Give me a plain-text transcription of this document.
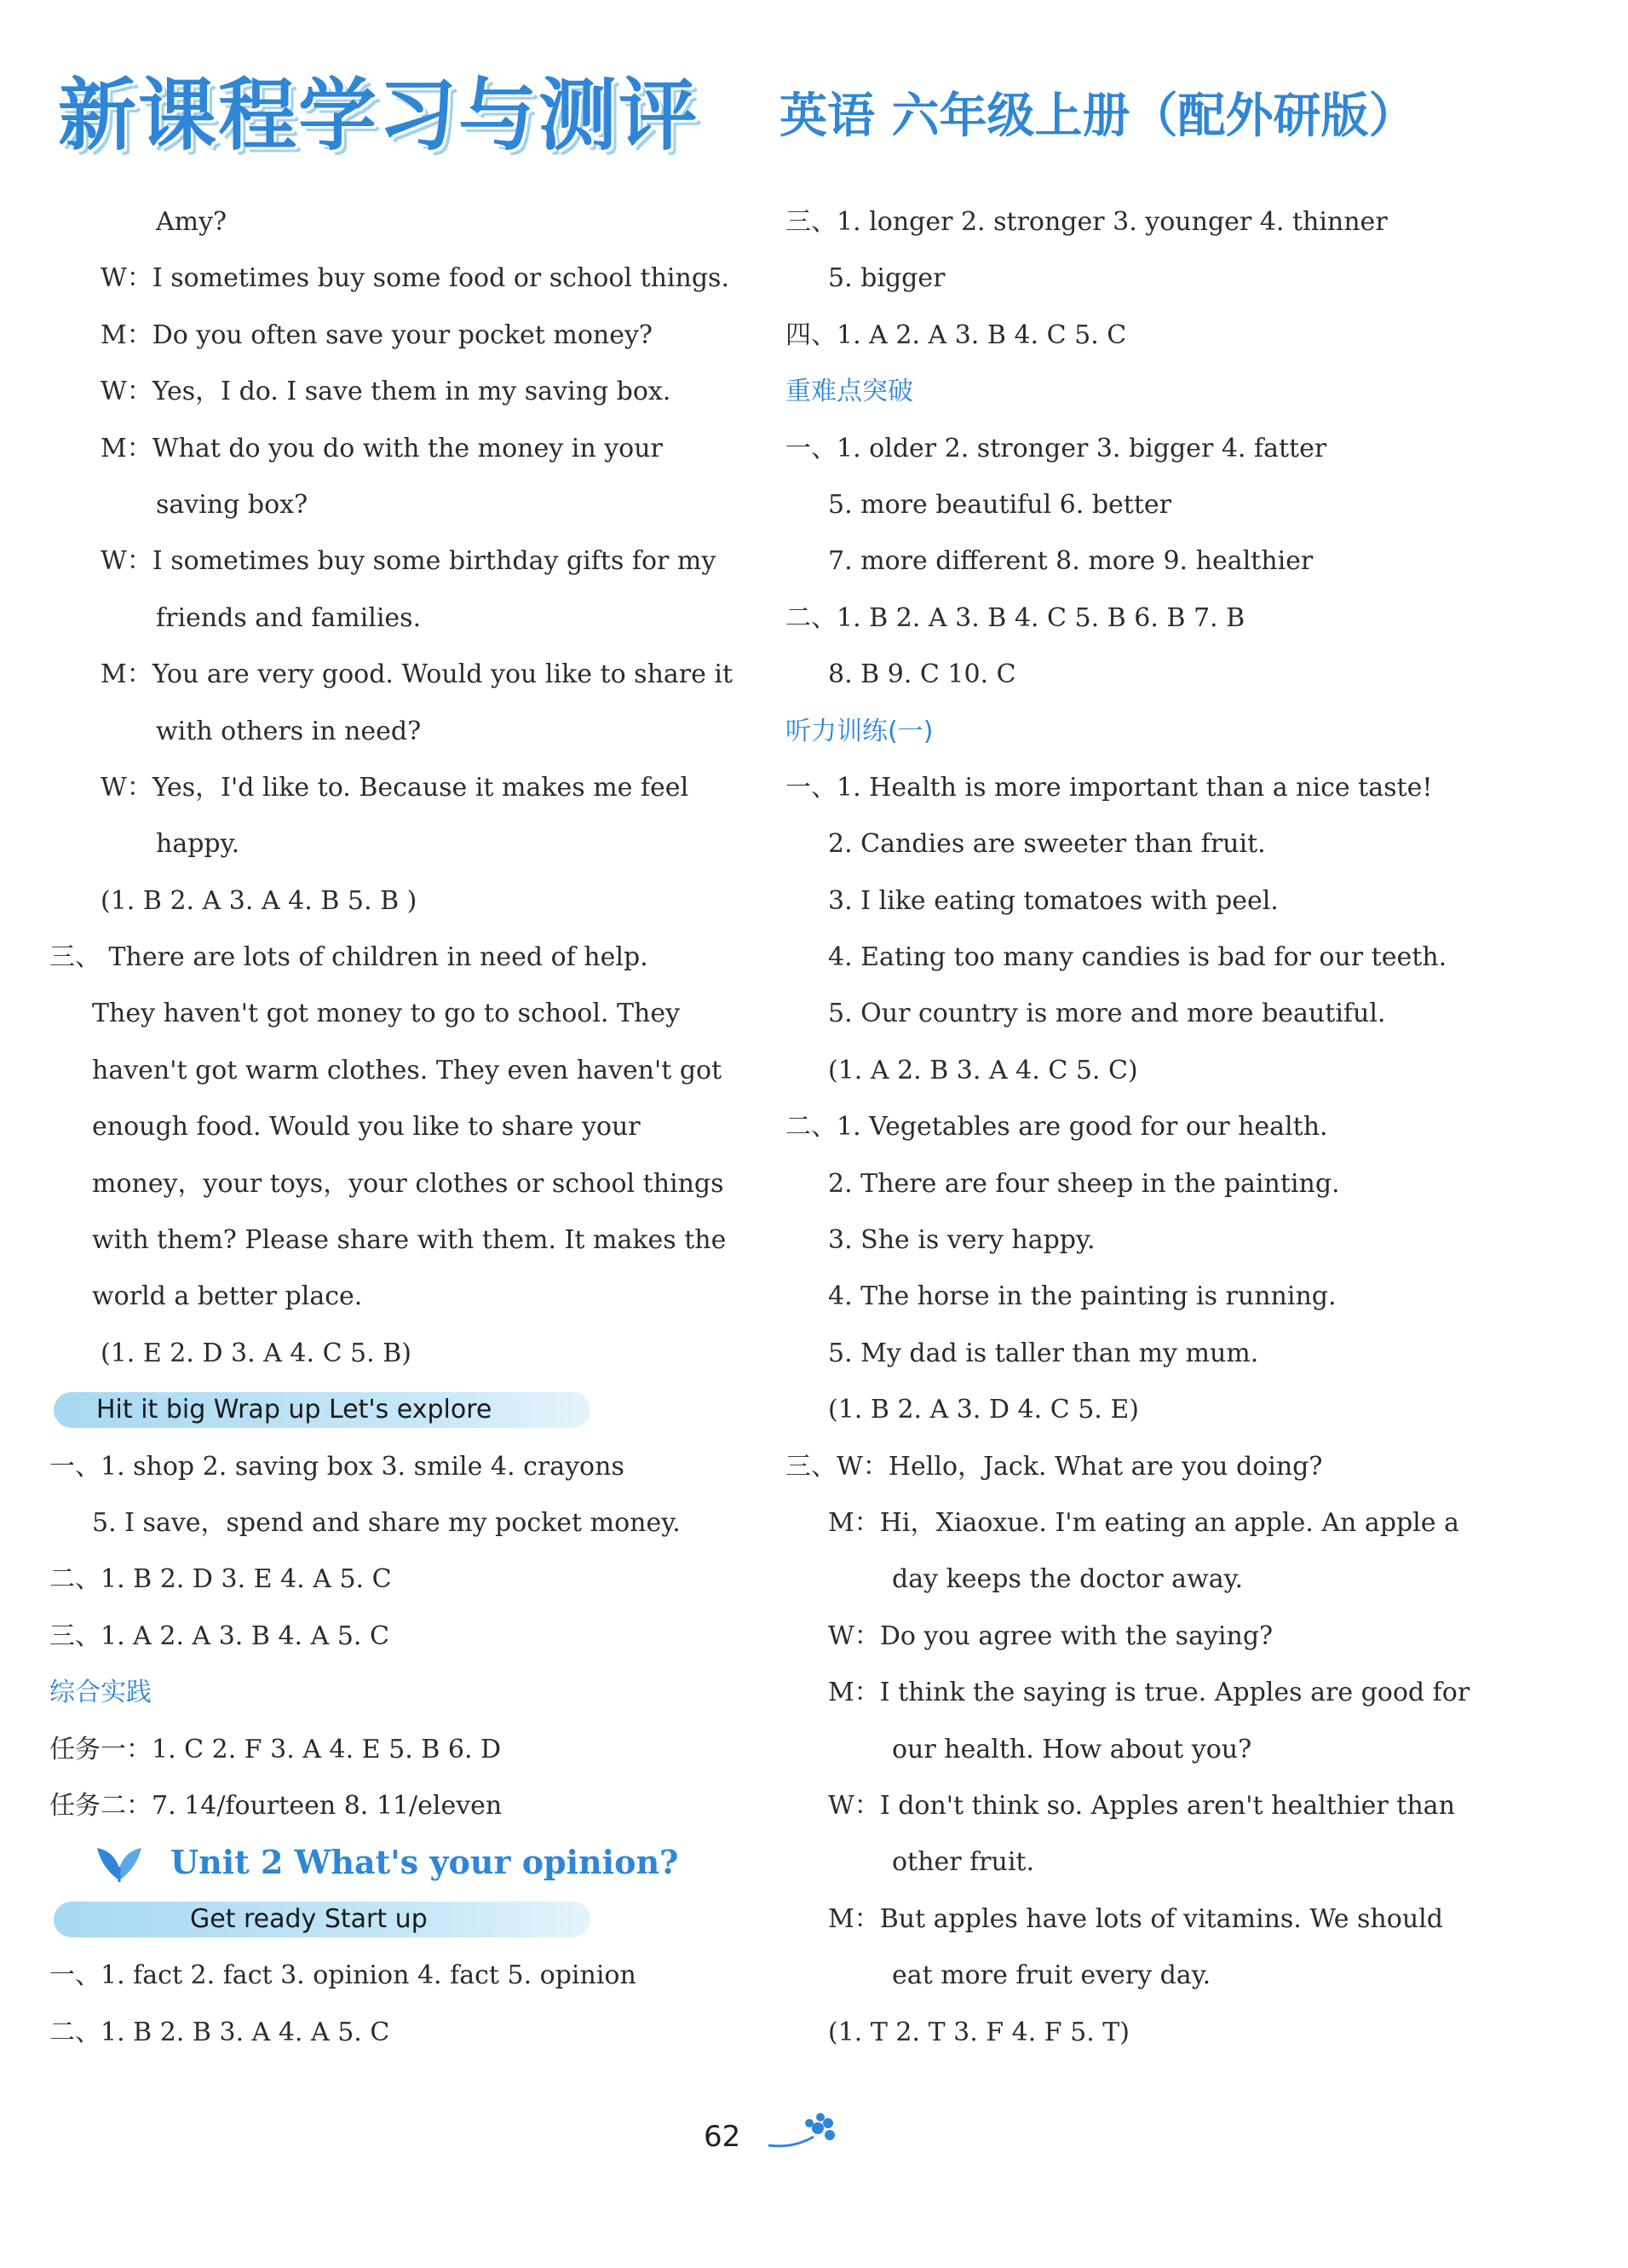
新课程学习与测评 英语 六年级上册（配外研版）
Amy?
W：I sometimes buy some food or school things.
M：Do you often save your pocket money?
W：Yes，I do. I save them in my saving box.
M：What do you do with the money in your
saving box?
W：I sometimes buy some birthday gifts for my
friends and families.
M：You are very good. Would you like to share it
with others in need?
W：Yes，I'd like to. Because it makes me feel
happy.
(1. B 2. A 3. A 4. B 5. B )
三、 There are lots of children in need of help.
They haven't got money to go to school. They
haven't got warm clothes. They even haven't got
enough food. Would you like to share your
money，your toys，your clothes or school things
with them? Please share with them. It makes the
world a better place.
(1. E 2. D 3. A 4. C 5. B)
Hit it big Wrap up Let's explore
一、1. shop 2. saving box 3. smile 4. crayons
5. I save，spend and share my pocket money.
二、1. B 2. D 3. E 4. A 5. C
三、1. A 2. A 3. B 4. A 5. C
综合实践
任务一：1. C 2. F 3. A 4. E 5. B 6. D
任务二：7. 14/fourteen 8. 11/eleven
Unit 2 What's your opinion?
Get ready Start up
一、1. fact 2. fact 3. opinion 4. fact 5. opinion
二、1. B 2. B 3. A 4. A 5. C
三、1. longer 2. stronger 3. younger 4. thinner
5. bigger
四、1. A 2. A 3. B 4. C 5. C
重难点突破
一、1. older 2. stronger 3. bigger 4. fatter
5. more beautiful 6. better
7. more different 8. more 9. healthier
二、1. B 2. A 3. B 4. C 5. B 6. B 7. B
8. B 9. C 10. C
听力训练(一)
一、1. Health is more important than a nice taste!
2. Candies are sweeter than fruit.
3. I like eating tomatoes with peel.
4. Eating too many candies is bad for our teeth.
5. Our country is more and more beautiful.
(1. A 2. B 3. A 4. C 5. C)
二、1. Vegetables are good for our health.
2. There are four sheep in the painting.
3. She is very happy.
4. The horse in the painting is running.
5. My dad is taller than my mum.
(1. B 2. A 3. D 4. C 5. E)
三、W：Hello，Jack. What are you doing?
M：Hi，Xiaoxue. I'm eating an apple. An apple a
day keeps the doctor away.
W：Do you agree with the saying?
M：I think the saying is true. Apples are good for
our health. How about you?
W：I don't think so. Apples aren't healthier than
other fruit.
M：But apples have lots of vitamins. We should
eat more fruit every day.
(1. T 2. T 3. F 4. F 5. T)
62
